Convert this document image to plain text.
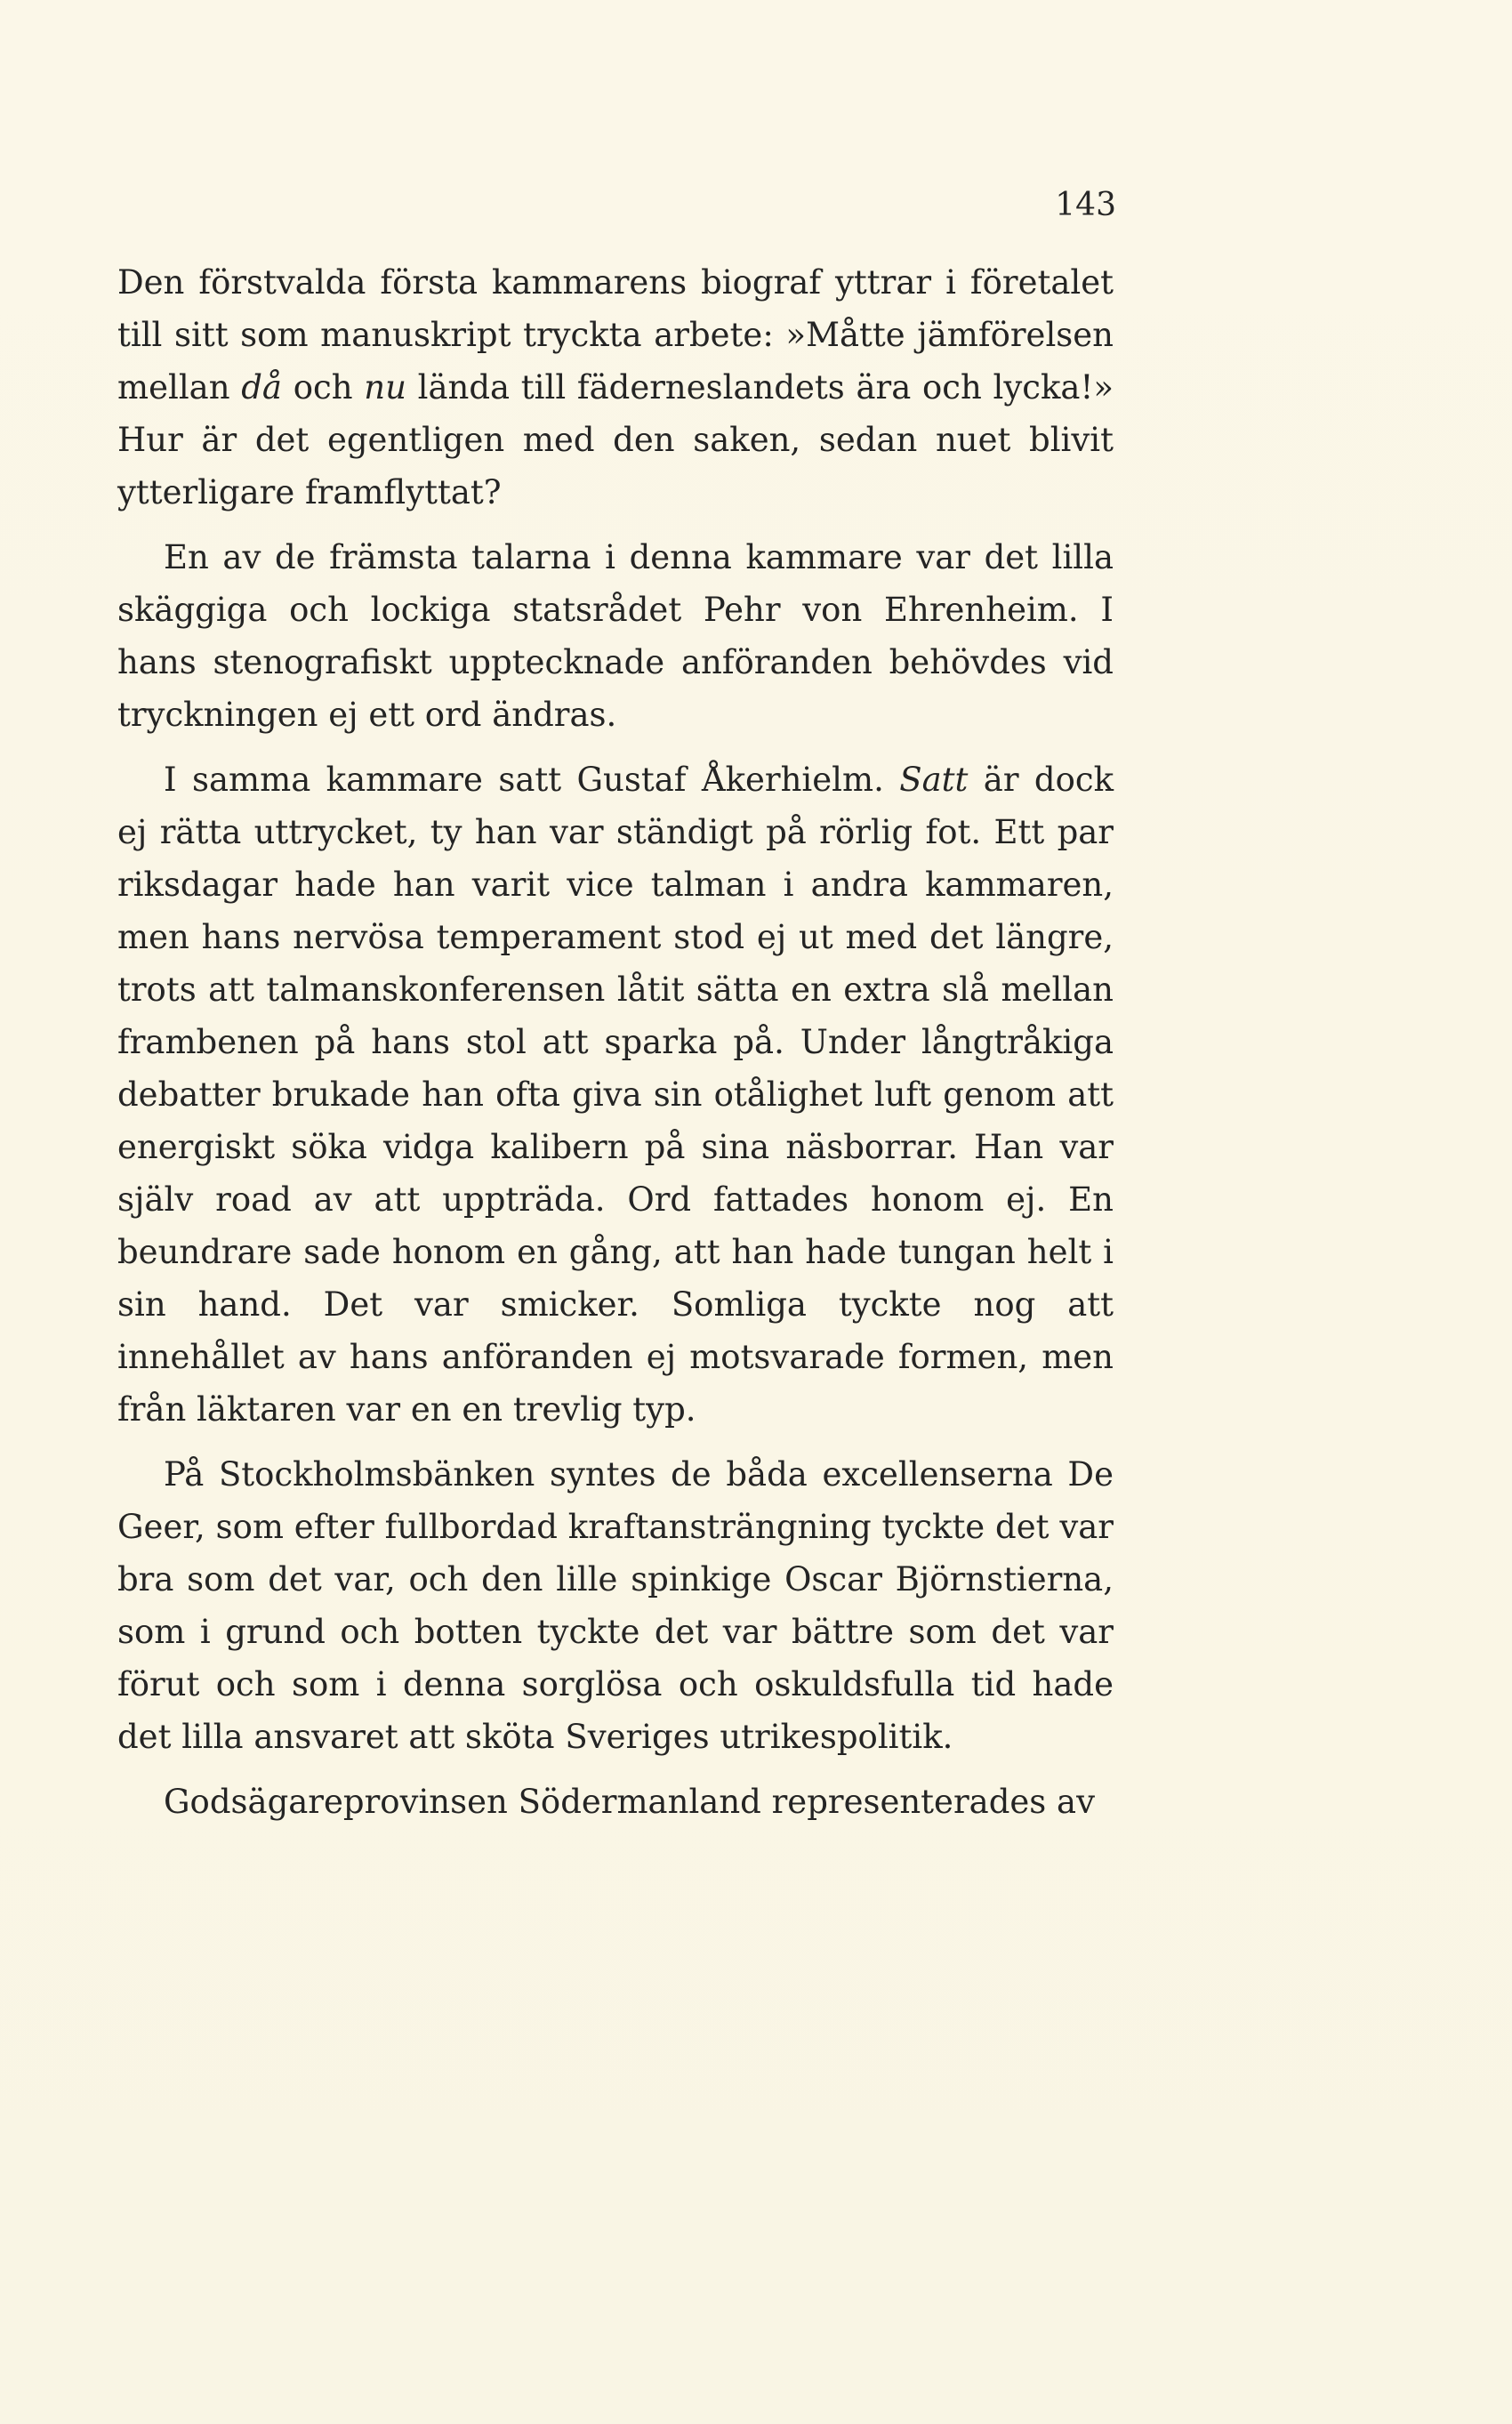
143

Den förstvalda första kammarens biograf yttrar i företalet till sitt som manuskript tryckta arbete: »Måtte jämförelsen mellan då och nu lända till fäderneslandets ära och lycka!» Hur är det egentligen med den saken, sedan nuet blivit ytterligare framflyttat?

En av de främsta talarna i denna kammare var det lilla skäggiga och lockiga statsrådet Pehr von Ehrenheim. I hans stenografiskt upptecknade anföranden behövdes vid tryckningen ej ett ord ändras.

I samma kammare satt Gustaf Åkerhielm. Satt är dock ej rätta uttrycket, ty han var ständigt på rörlig fot. Ett par riksdagar hade han varit vice talman i andra kammaren, men hans nervösa temperament stod ej ut med det längre, trots att talmanskonferensen låtit sätta en extra slå mellan frambenen på hans stol att sparka på. Under långtråkiga debatter brukade han ofta giva sin otålighet luft genom att energiskt söka vidga kalibern på sina näsborrar. Han var själv road av att uppträda. Ord fattades honom ej. En beundrare sade honom en gång, att han hade tungan helt i sin hand. Det var smicker. Somliga tyckte nog att innehållet av hans anföranden ej motsvarade formen, men från läktaren var en en trevlig typ.

På Stockholmsbänken syntes de båda excellenserna De Geer, som efter fullbordad kraftansträngning tyckte det var bra som det var, och den lille spinkige Oscar Björnstierna, som i grund och botten tyckte det var bättre som det var förut och som i denna sorglösa och oskuldsfulla tid hade det lilla ansvaret att sköta Sveriges utrikespolitik.

Godsägareprovinsen Södermanland representerades av
